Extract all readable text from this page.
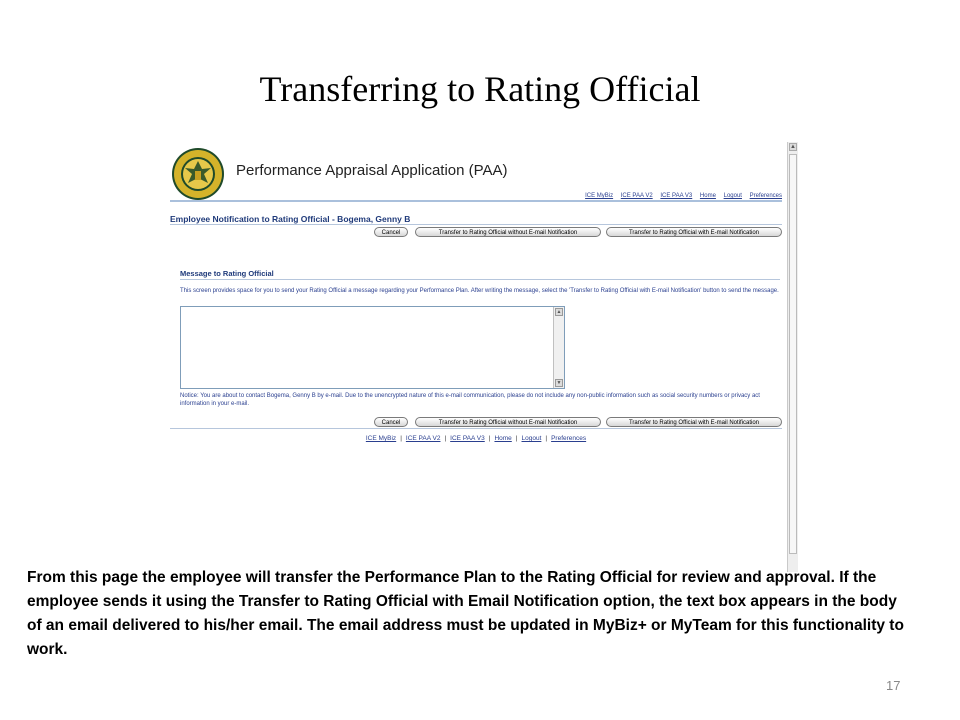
Transferring to Rating Official
Performance Appraisal Application (PAA)
ICE MyBiz ICE PAA V2 ICE PAA V3 Home Logout Preferences
Employee Notification to Rating Official - Bogema, Genny B
Cancel	Transfer to Rating Official without E-mail Notification	Transfer to Rating Official with E-mail Notification
Message to Rating Official
This screen provides space for you to send your Rating Official a message regarding your Performance Plan. After writing the message, select the 'Transfer to Rating Official with E-mail Notification' button to send the message.
▲
▼
Notice: You are about to contact Bogema, Genny B by e-mail. Due to the unencrypted nature of this e-mail communication, please do not include any non-public information such as social security numbers or privacy act information in your e-mail.
Cancel	Transfer to Rating Official without E-mail Notification	Transfer to Rating Official with E-mail Notification
ICE MyBiz | ICE PAA V2 | ICE PAA V3 | Home | Logout | Preferences
▲
From this page the employee will transfer the Performance Plan to the Rating Official for review and approval. If the employee sends it using the Transfer to Rating Official with Email Notification option, the text box appears in the body of an email delivered to his/her email. The email address must be updated in MyBiz+ or MyTeam for this functionality to work.
17
